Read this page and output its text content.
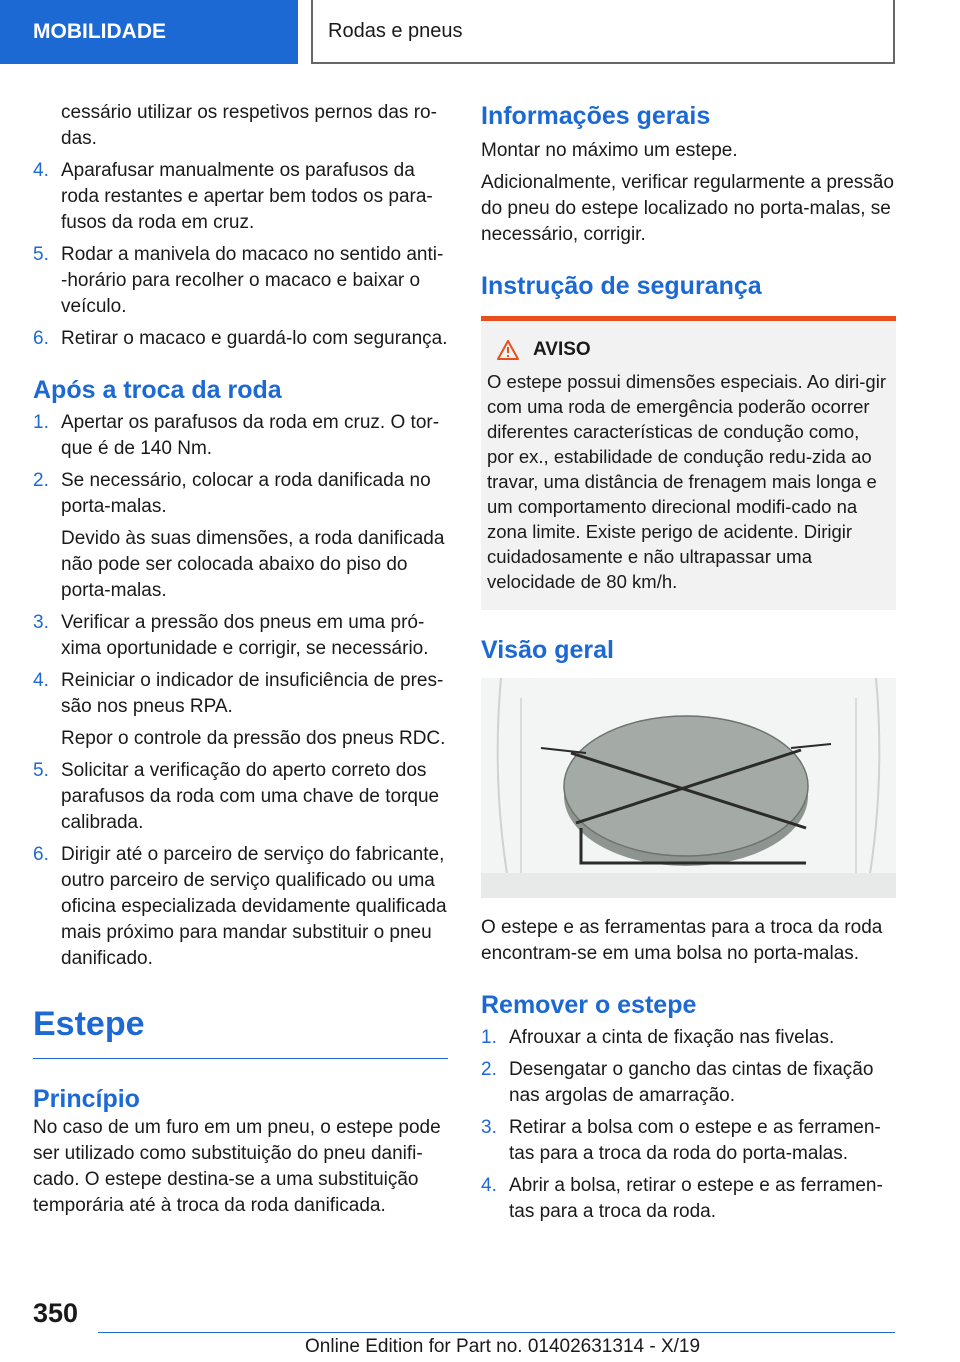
MOBILIDADE	Rodas e pneus

cessário utilizar os respetivos pernos das ro-das.

4. Aparafusar manualmente os parafusos da roda restantes e apertar bem todos os para-fusos da roda em cruz.
5. Rodar a manivela do macaco no sentido anti--horário para recolher o macaco e baixar o veículo.
6. Retirar o macaco e guardá-lo com segurança.
Após a troca da roda
1. Apertar os parafusos da roda em cruz. O tor-que é de 140 Nm.

2. Se necessário, colocar a roda danificada no porta-malas.

Devido às suas dimensões, a roda danificada não pode ser colocada abaixo do piso do porta-malas.

3. Verificar a pressão dos pneus em uma pró-xima oportunidade e corrigir, se necessário.

4. Reiniciar o indicador de insuficiência de pres-são nos pneus RPA.

Repor o controle da pressão dos pneus RDC.

5. Solicitar a verificação do aperto correto dos parafusos da roda com uma chave de torque calibrada.

6. Dirigir até o parceiro de serviço do fabricante, outro parceiro de serviço qualificado ou uma oficina especializada devidamente qualificada mais próximo para mandar substituir o pneu danificado.

Estepe
Princípio

No caso de um furo em um pneu, o estepe pode ser utilizado como substituição do pneu danifi-cado. O estepe destina-se a uma substituição temporária até à troca da roda danificada.

Informações gerais

Montar no máximo um estepe.

Adicionalmente, verificar regularmente a pressão do pneu do estepe localizado no porta-malas, se necessário, corrigir.

Instrução de segurança
AVISO

O estepe possui dimensões especiais. Ao diri-gir com uma roda de emergência poderão ocorrer diferentes características de condução como, por ex., estabilidade de condução redu-zida ao travar, uma distância de frenagem mais longa e um comportamento direcional modifi-cado na zona limite. Existe perigo de acidente. Dirigir cuidadosamente e não ultrapassar uma velocidade de 80 km/h.

Visão geral

O estepe e as ferramentas para a troca da roda encontram-se em uma bolsa no porta-malas.

Remover o estepe
1. Afrouxar a cinta de fixação nas fivelas.
2. Desengatar o gancho das cintas de fixação nas argolas de amarração.
3. Retirar a bolsa com o estepe e as ferramen-tas para a troca da roda do porta-malas.
4. Abrir a bolsa, retirar o estepe e as ferramen-tas para a troca da roda.
350
Online Edition for Part no. 01402631314 - X/19
